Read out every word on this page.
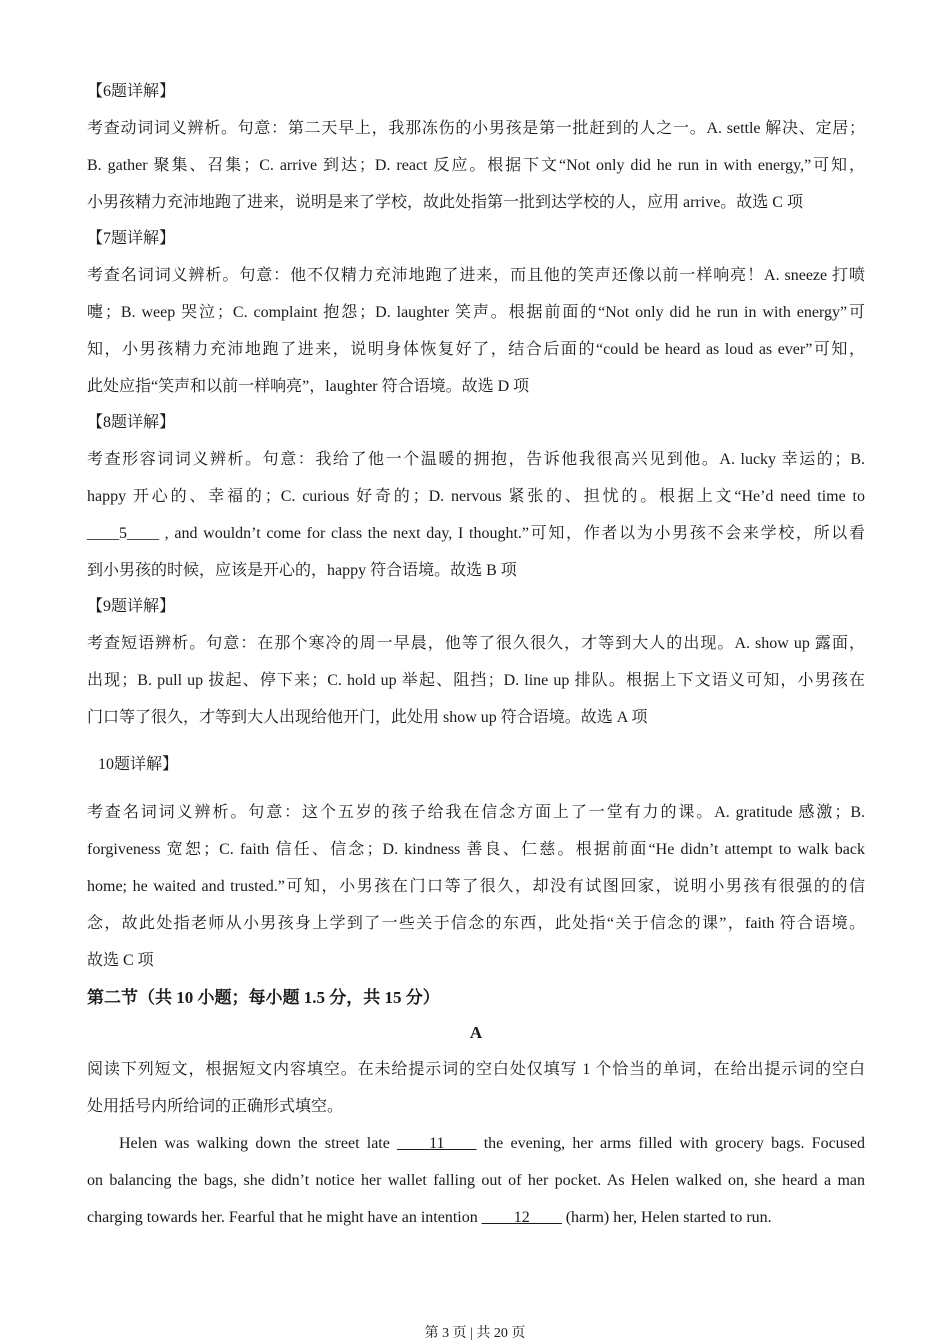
【6题详解】
考查动词词义辨析。句意：第二天早上，我那冻伤的小男孩是第一批赶到的人之一。A. settle 解决、定居；
B. gather 聚集、召集；C. arrive 到达；D. react 反应。根据下文“Not only did he run in with energy,”可知，
小男孩精力充沛地跑了进来，说明是来了学校，故此处指第一批到达学校的人，应用 arrive。故选 C 项
【7题详解】
考查名词词义辨析。句意：他不仅精力充沛地跑了进来，而且他的笑声还像以前一样响亮！A. sneeze 打喷
嚏；B. weep 哭泣；C. complaint 抱怨；D. laughter 笑声。根据前面的“Not only did he run in with energy”可
知，小男孩精力充沛地跑了进来，说明身体恢复好了，结合后面的“could be heard as loud as ever”可知，
此处应指“笑声和以前一样响亮”，laughter 符合语境。故选 D 项
【8题详解】
考查形容词词义辨析。句意：我给了他一个温暖的拥抱，告诉他我很高兴见到他。A. lucky 幸运的；B.
happy 开心的、幸福的；C. curious 好奇的；D. nervous 紧张的、担忧的。根据上文“He’d need time to
____5____ , and wouldn’t come for class the next day, I thought.”可知，作者以为小男孩不会来学校，所以看
到小男孩的时候，应该是开心的，happy 符合语境。故选 B 项
【9题详解】
考查短语辨析。句意：在那个寒冷的周一早晨，他等了很久很久，才等到大人的出现。A. show up 露面，
出现；B. pull up 拔起、停下来；C. hold up 举起、阻挡；D. line up 排队。根据上下文语义可知，小男孩在
门口等了很久，才等到大人出现给他开门，此处用 show up 符合语境。故选 A 项
10题详解】
考查名词词义辨析。句意：这个五岁的孩子给我在信念方面上了一堂有力的课。A. gratitude 感激；B.
forgiveness 宽恕；C. faith 信任、信念；D. kindness 善良、仁慈。根据前面“He didn’t attempt to walk back
home; he waited and trusted.”可知，小男孩在门口等了很久，却没有试图回家，说明小男孩有很强的的信
念，故此处指老师从小男孩身上学到了一些关于信念的东西，此处指“关于信念的课”，faith 符合语境。
故选 C 项
第二节（共 10 小题；每小题 1.5 分，共 15 分）
A
阅读下列短文，根据短文内容填空。在未给提示词的空白处仅填写 1 个恰当的单词，在给出提示词的空白
处用括号内所给词的正确形式填空。
Helen was walking down the street late ____11____ the evening, her arms filled with grocery bags. Focused
on balancing the bags, she didn’t notice her wallet falling out of her pocket. As Helen walked on, she heard a man
charging towards her. Fearful that he might have an intention ____12____ (harm) her, Helen started to run.
第 3 页 | 共 20 页
